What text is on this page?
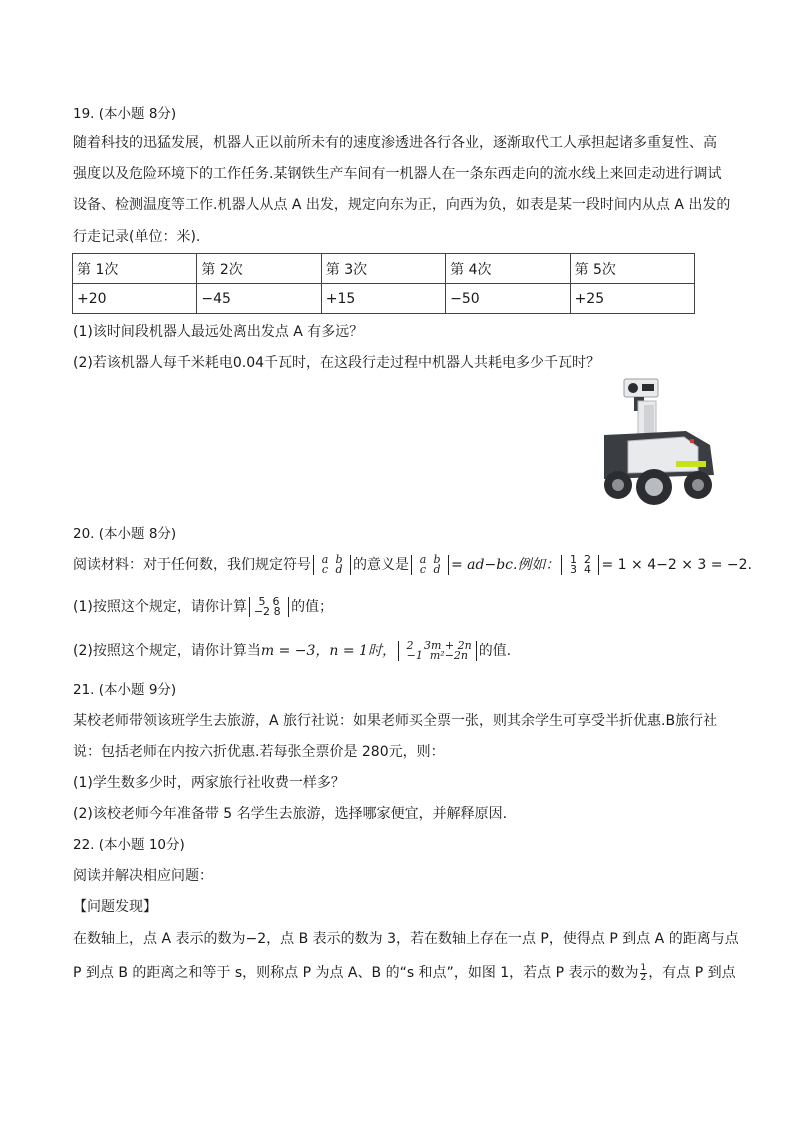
19. (本小题 8分)
随着科技的迅猛发展，机器人正以前所未有的速度渗透进各行各业，逐渐取代工人承担起诸多重复性、高
强度以及危险环境下的工作任务.某钢铁生产车间有一机器人在一条东西走向的流水线上来回走动进行调试
设备、检测温度等工作.机器人从点 A 出发，规定向东为正，向西为负，如表是某一段时间内从点 A 出发的
行走记录(单位：米).
第 1次	第 2次	第 3次	第 4次	第 5次
+20	−45	+15	−50	+25
(1)该时间段机器人最远处离出发点 A 有多远？
(2)若该机器人每千米耗电0.04千瓦时，在这段行走过程中机器人共耗电多少千瓦时？
20. (本小题 8分)
阅读材料：对于任何数，我们规定符号 a b
c d 的意义是 a b
c d = ad−bc.例如： 1 2
3 4 = 1 × 4−2 × 3 = −2.
(1)按照这个规定，请你计算	5 6
−2 8 的值；
(2)按照这个规定，请你计算当m = −3，n = 1时， 2 3m + 2n
−1 m²−2n 的值.
21. (本小题 9分)
某校老师带领该班学生去旅游，A 旅行社说：如果老师买全票一张，则其余学生可享受半折优惠.B旅行社
说：包括老师在内按六折优惠.若每张全票价是 280元，则：
(1)学生数多少时，两家旅行社收费一样多？
(2)该校老师今年准备带 5 名学生去旅游，选择哪家便宜，并解释原因.
22. (本小题 10分)
阅读并解决相应问题：
【问题发现】
在数轴上，点 A 表示的数为−2，点 B 表示的数为 3，若在数轴上存在一点 P，使得点 P 到点 A 的距离与点
P 到点 B 的距离之和等于 s，则称点 P 为点 A、B 的“s 和点”，如图 1，若点 P 表示的数为 $\frac{1}{2}$ ，有点 P 到点
